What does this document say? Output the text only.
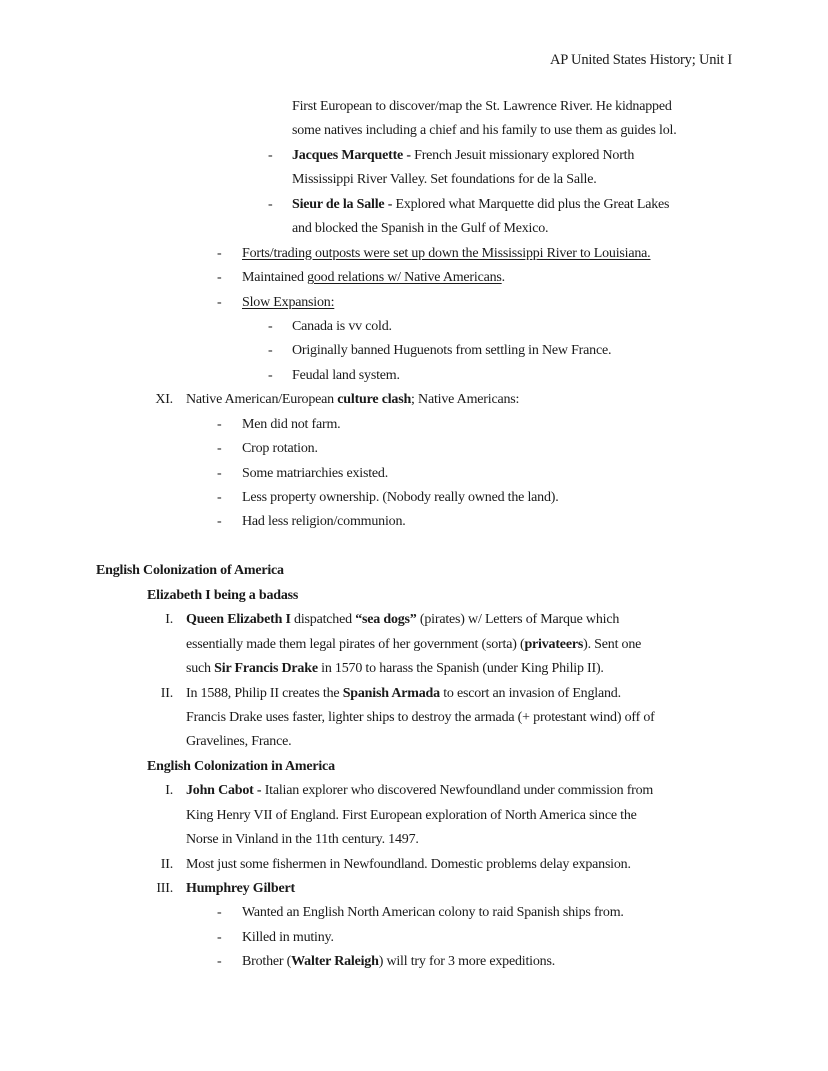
AP United States History; Unit I
First European to discover/map the St. Lawrence River. He kidnapped
some natives including a chief and his family to use them as guides lol.
- Jacques Marquette - French Jesuit missionary explored North
Mississippi River Valley. Set foundations for de la Salle.
- Sieur de la Salle - Explored what Marquette did plus the Great Lakes
and blocked the Spanish in the Gulf of Mexico.
- Forts/trading outposts were set up down the Mississippi River to Louisiana.
- Maintained good relations w/ Native Americans.
- Slow Expansion:
- Canada is vv cold.
- Originally banned Huguenots from settling in New France.
- Feudal land system.
XI. Native American/European culture clash; Native Americans:
- Men did not farm.
- Crop rotation.
- Some matriarchies existed.
- Less property ownership. (Nobody really owned the land).
- Had less religion/communion.
English Colonization of America
Elizabeth I being a badass
I. Queen Elizabeth I dispatched “sea dogs” (pirates) w/ Letters of Marque which
essentially made them legal pirates of her government (sorta) (privateers). Sent one
such Sir Francis Drake in 1570 to harass the Spanish (under King Philip II).
II. In 1588, Philip II creates the Spanish Armada to escort an invasion of England.
Francis Drake uses faster, lighter ships to destroy the armada (+ protestant wind) off of
Gravelines, France.
English Colonization in America
I. John Cabot - Italian explorer who discovered Newfoundland under commission from
King Henry VII of England. First European exploration of North America since the
Norse in Vinland in the 11th century. 1497.
II. Most just some fishermen in Newfoundland. Domestic problems delay expansion.
III. Humphrey Gilbert
- Wanted an English North American colony to raid Spanish ships from.
- Killed in mutiny.
- Brother (Walter Raleigh) will try for 3 more expeditions.
